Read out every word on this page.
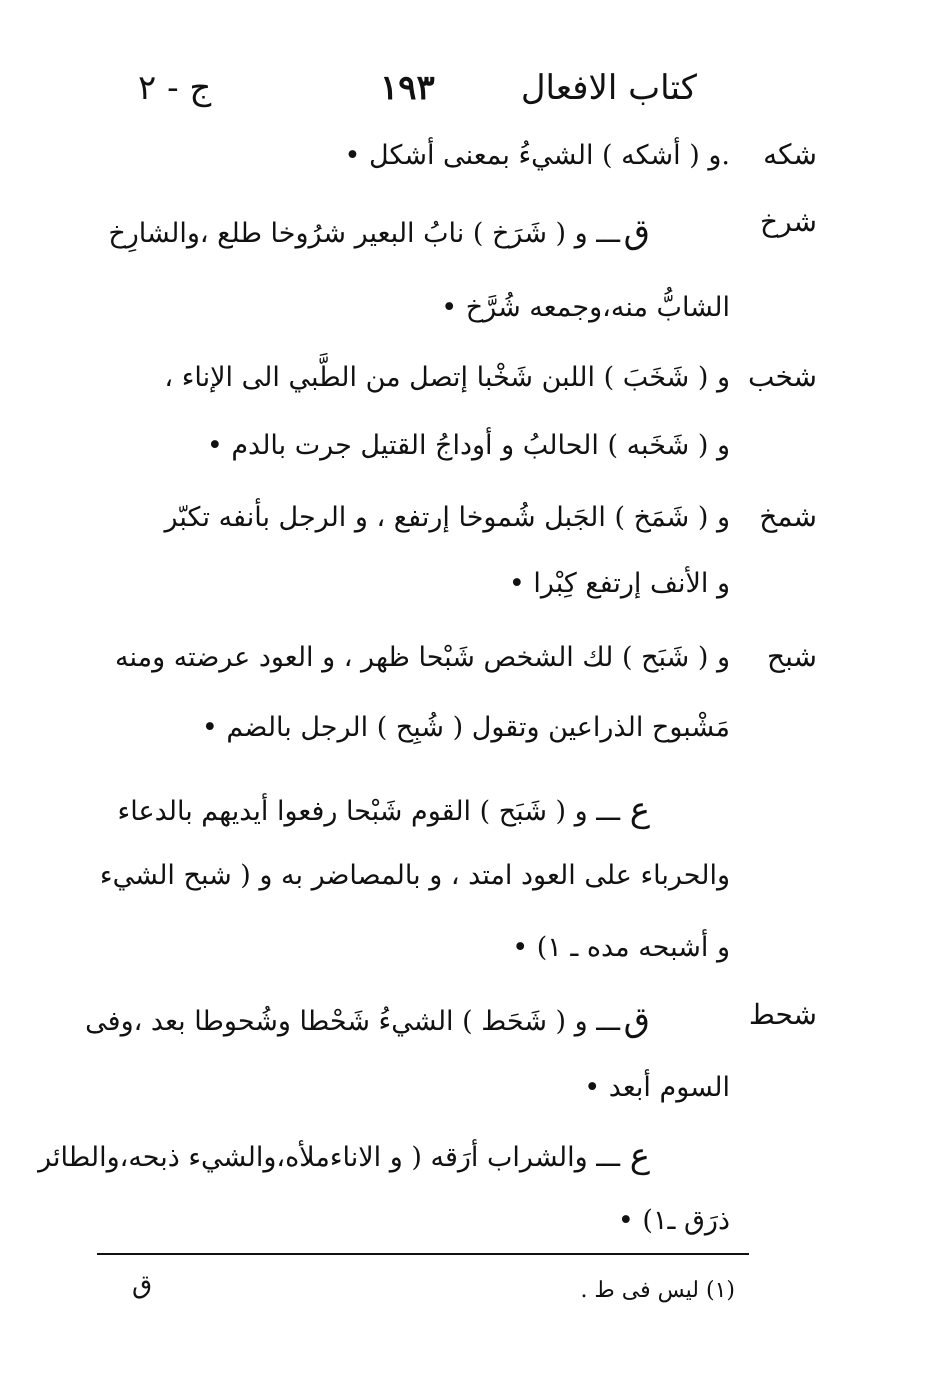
كتاب الافعال
١٩٣
ج - ٢
شكه
.و ( أشكه ) الشيءُ بمعنى أشكل •
شرخ
ق
ـــ و ( شَرَخ ) نابُ البعير شرُوخا طلع ،والشارِخ
الشابُّ منه،وجمعه شُرَّخ •
شخب
و ( شَخَبَ ) اللبن شَخْبا إتصل من الطَّبي الى الإناء ،
و ( شَخَبه ) الحالبُ و أوداجُ القتيل جرت بالدم •
شمخ
و ( شَمَخ ) الجَبل شُموخا إرتفع ، و الرجل بأنفه تكبّر
و الأنف إرتفع كِبْرا •
شبح
و ( شَبَح ) لك الشخص شَبْحا ظهر ، و العود عرضته ومنه
مَشْبوح الذراعين وتقول ( شُبِح ) الرجل بالضم •
ع
ـــ و ( شَبَح ) القوم شَبْحا رفعوا أيديهم بالدعاء
والحرباء على العود امتد ، و بالمصاضر به و ( شبح الشيء
و أشبحه مده ـ ١) •
شحط
ق
ـــ و ( شَحَط ) الشيءُ شَحْطا وشُحوطا بعد ،وفى
السوم أبعد •
ع
ـــ والشراب أرَقه ( و الاناءملأه،والشيء ذبحه،والطائر
ذرَق ـ١) •
(١) ليس فى ط .
ق
